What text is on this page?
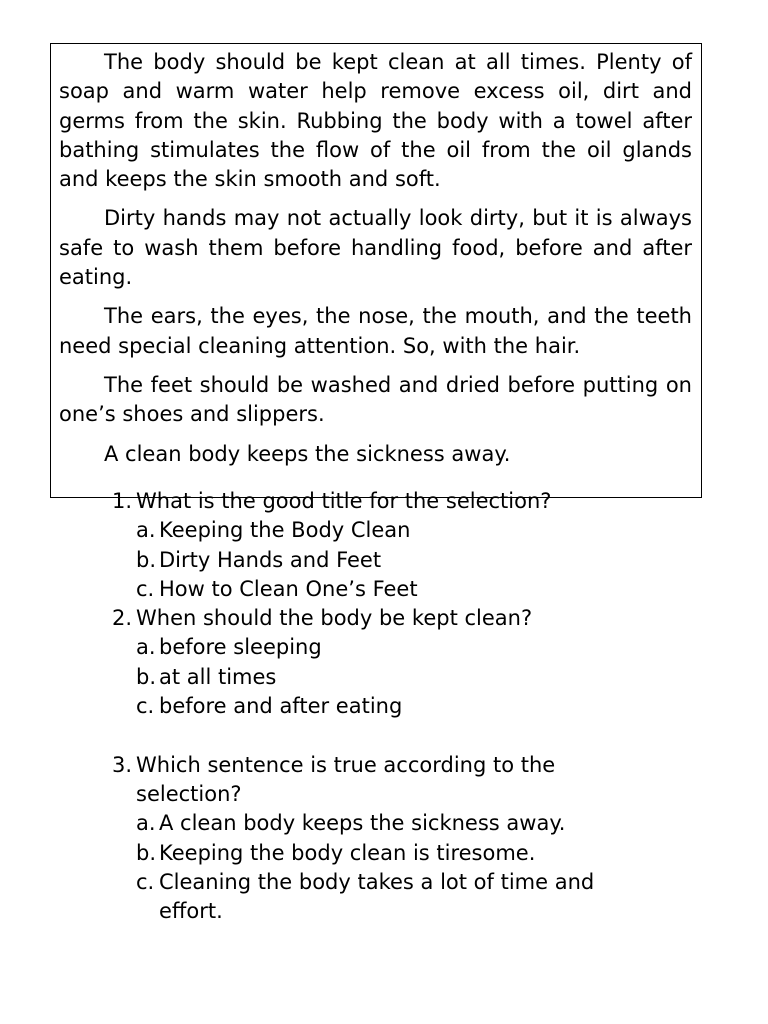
The body should be kept clean at all times. Plenty of soap and warm water help remove excess oil, dirt and germs from the skin. Rubbing the body with a towel after bathing stimulates the flow of the oil from the oil glands and keeps the skin smooth and soft.

Dirty hands may not actually look dirty, but it is always safe to wash them before handling food, before and after eating.

The ears, the eyes, the nose, the mouth, and the teeth need special cleaning attention. So, with the hair.

The feet should be washed and dried before putting on one’s shoes and slippers.

A clean body keeps the sickness away.

1. What is the good title for the selection?
a. Keeping the Body Clean
b. Dirty Hands and Feet
c. How to Clean One’s Feet
2. When should the body be kept clean?
a. before sleeping
b. at all times
c. before and after eating
3. Which sentence is true according to the selection?
a. A clean body keeps the sickness away.
b. Keeping the body clean is tiresome.
c. Cleaning the body takes a lot of time and effort.
